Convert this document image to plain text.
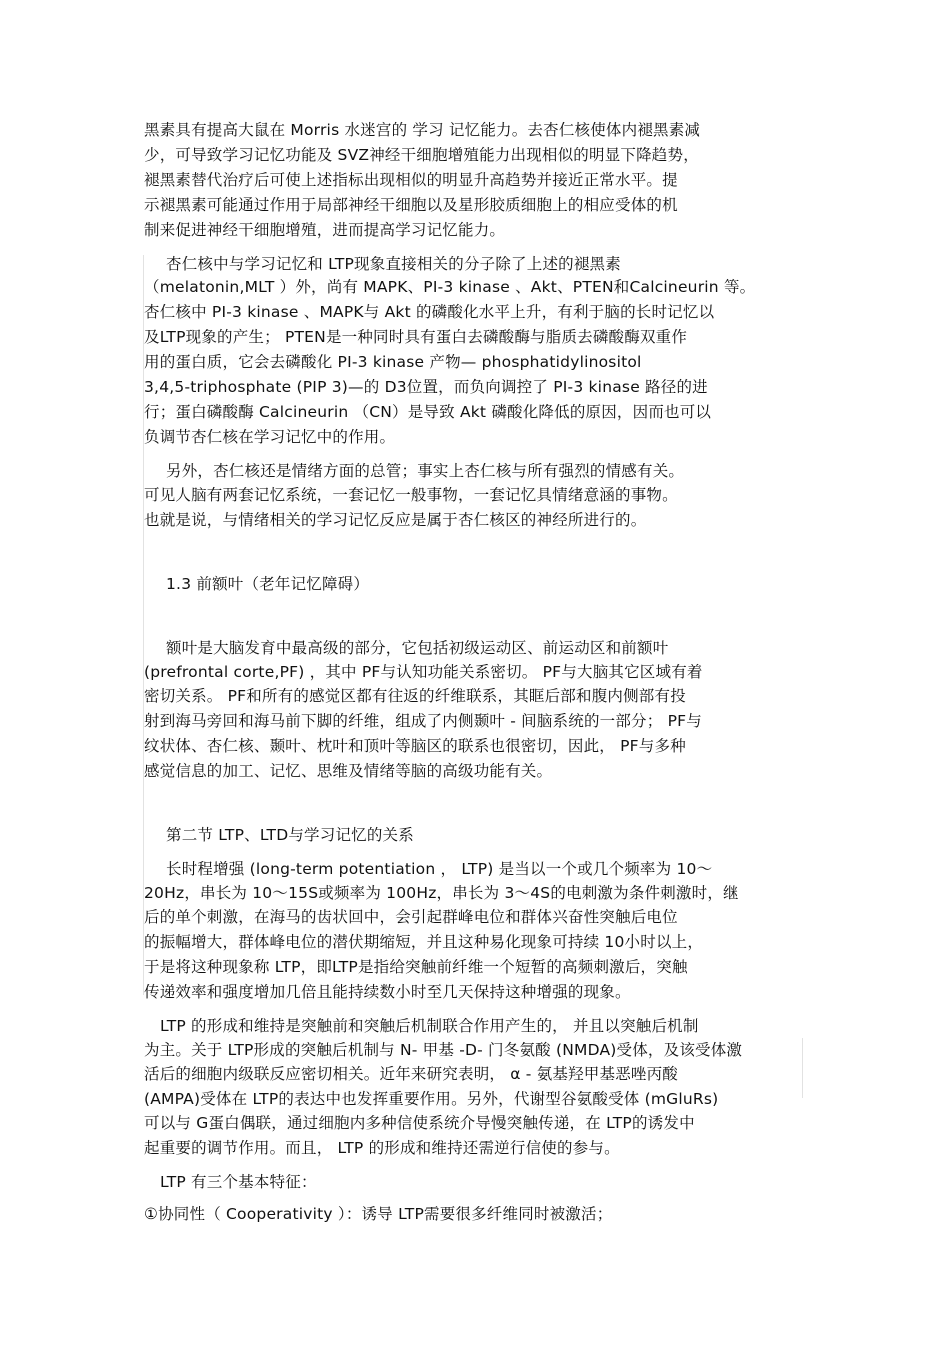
黑素具有提高大鼠在 Morris 水迷宫的 学习 记忆能力。去杏仁核使体内褪黑素减
少，可导致学习记忆功能及 SVZ神经干细胞增殖能力出现相似的明显下降趋势，
褪黑素替代治疗后可使上述指标出现相似的明显升高趋势并接近正常水平。提
示褪黑素可能通过作用于局部神经干细胞以及星形胶质细胞上的相应受体的机
制来促进神经干细胞增殖，进而提高学习记忆能力。
杏仁核中与学习记忆和 LTP现象直接相关的分子除了上述的褪黑素
（melatonin,MLT ）外，尚有 MAPK、PI-3 kinase 、Akt、PTEN和Calcineurin 等。
杏仁核中 PI-3 kinase 、MAPK与 Akt 的磷酸化水平上升，有利于脑的长时记忆以
及LTP现象的产生； PTEN是一种同时具有蛋白去磷酸酶与脂质去磷酸酶双重作
用的蛋白质，它会去磷酸化 PI-3 kinase 产物— phosphatidylinositol
3,4,5-triphosphate (PIP 3)—的 D3位置，而负向调控了 PI-3 kinase 路径的进
行；蛋白磷酸酶 Calcineurin （CN）是导致 Akt 磷酸化降低的原因，因而也可以
负调节杏仁核在学习记忆中的作用。
另外，杏仁核还是情绪方面的总管；事实上杏仁核与所有强烈的情感有关。
可见人脑有两套记忆系统，一套记忆一般事物，一套记忆具情绪意涵的事物。
也就是说，与情绪相关的学习记忆反应是属于杏仁核区的神经所进行的。
1.3 前额叶（老年记忆障碍）
额叶是大脑发育中最高级的部分，它包括初级运动区、前运动区和前额叶
(prefrontal corte,PF) ，其中 PF与认知功能关系密切。 PF与大脑其它区域有着
密切关系。 PF和所有的感觉区都有往返的纤维联系，其眶后部和腹内侧部有投
射到海马旁回和海马前下脚的纤维，组成了内侧颞叶 - 间脑系统的一部分； PF与
纹状体、杏仁核、颞叶、枕叶和顶叶等脑区的联系也很密切，因此， PF与多种
感觉信息的加工、记忆、思维及情绪等脑的高级功能有关。
第二节 LTP、LTD与学习记忆的关系
长时程增强 (long-term potentiation ， LTP) 是当以一个或几个频率为 10～
20Hz，串长为 10～15S或频率为 100Hz，串长为 3～4S的电刺激为条件刺激时，继
后的单个刺激，在海马的齿状回中，会引起群峰电位和群体兴奋性突触后电位
的振幅增大，群体峰电位的潜伏期缩短，并且这种易化现象可持续 10小时以上，
于是将这种现象称 LTP，即LTP是指给突触前纤维一个短暂的高频刺激后，突触
传递效率和强度增加几倍且能持续数小时至几天保持这种增强的现象。
LTP 的形成和维持是突触前和突触后机制联合作用产生的， 并且以突触后机制
为主。关于 LTP形成的突触后机制与 N- 甲基 -D- 门冬氨酸 (NMDA)受体，及该受体激
活后的细胞内级联反应密切相关。近年来研究表明， α - 氨基羟甲基恶唑丙酸
(AMPA)受体在 LTP的表达中也发挥重要作用。另外，代谢型谷氨酸受体 (mGluRs)
可以与 G蛋白偶联，通过细胞内多种信使系统介导慢突触传递，在 LTP的诱发中
起重要的调节作用。而且， LTP 的形成和维持还需逆行信使的参与。
LTP 有三个基本特征：
①协同性（ Cooperativity ）：诱导 LTP需要很多纤维同时被激活；
